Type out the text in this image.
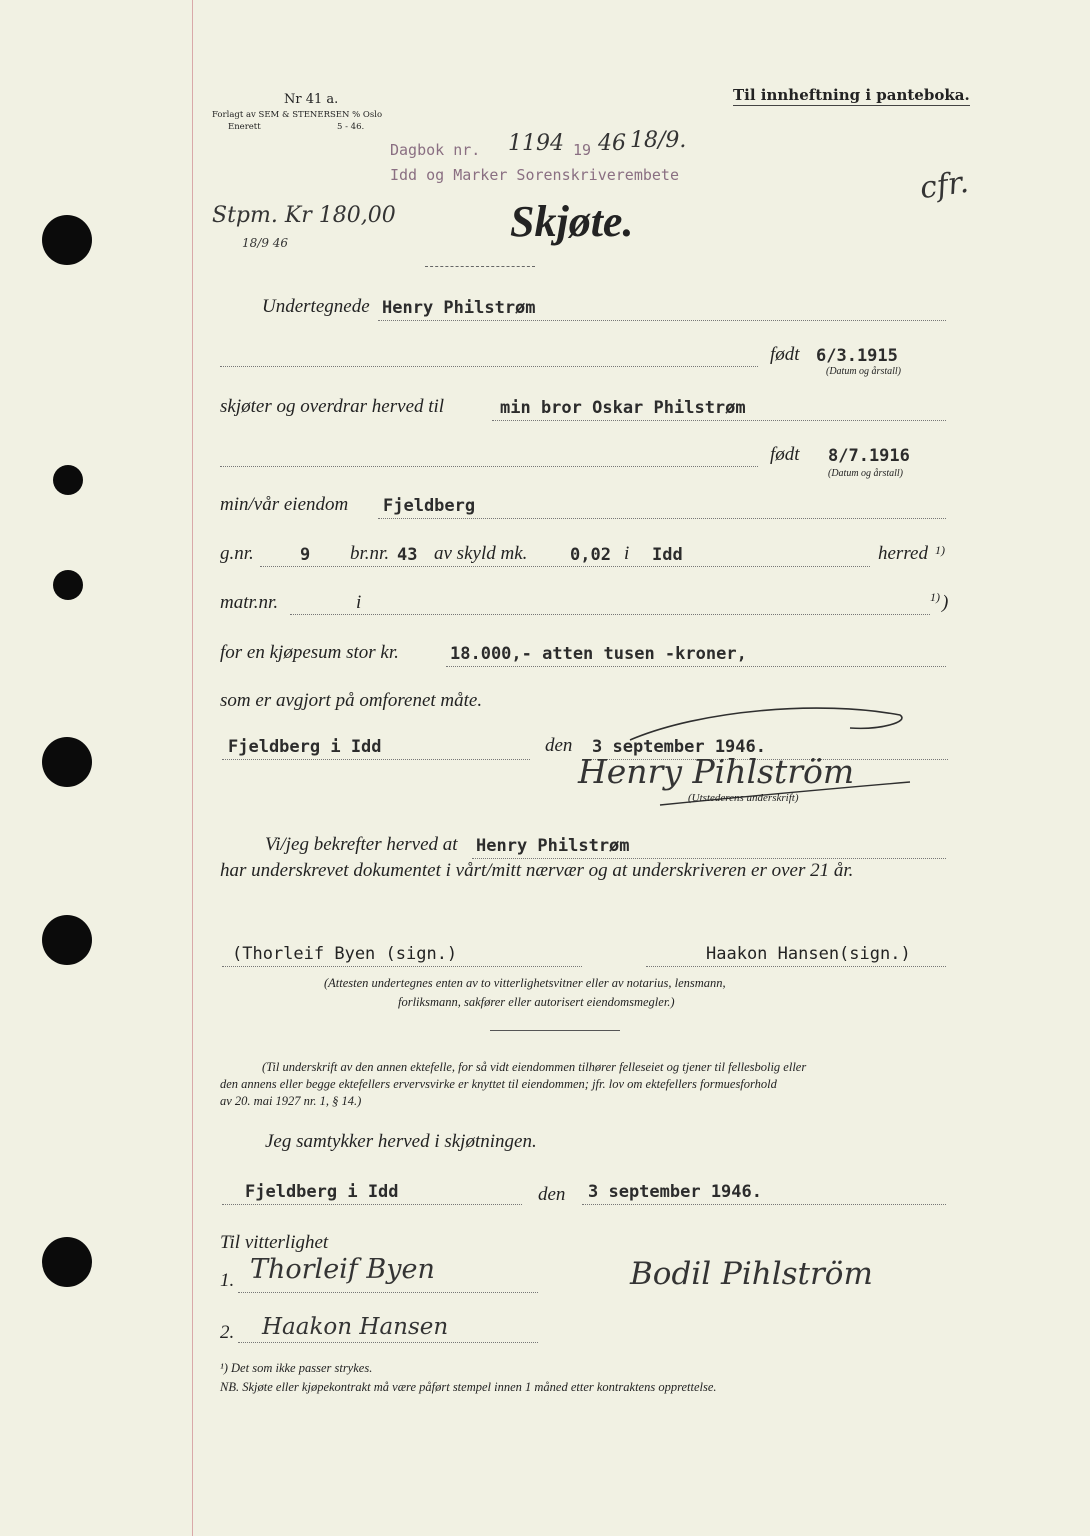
Nr 41 a.
Forlagt av SEM & STENERSEN % Oslo
Enerett	5 - 46.
Til innheftning i panteboka.
Dagbok nr. 1194 19 46 18/9.
Idd og Marker Sorenskriverembete	cfr.
Stpm. Kr 180,00
18/9 46	Skjøte.
Undertegnede Henry Philstrøm
født 6/3.1915
(Datum og årstall)
skjøter og overdrar herved til	min bror Oskar Philstrøm
født 8/7.1916
(Datum og årstall)
min/vår eiendom Fjeldberg
g.nr.	9 br.nr. 43 av skyld mk.	0,02 i Idd	herred 1)
matr.nr.	i	1) )
for en kjøpesum stor kr.	18.000,- atten tusen -kroner,
som er avgjort på omforenet måte.
Fjeldberg i Idd	den 3 september 1946.
Henry Pihlström
(Utstederens underskrift)
Vi/jeg bekrefter herved at Henry Philstrøm
har underskrevet dokumentet i vårt/mitt nærvær og at underskriveren er over 21 år.
(Thorleif Byen (sign.)	Haakon Hansen(sign.)
(Attesten undertegnes enten av to vitterlighetsvitner eller av notarius, lensmann,
forliksmann, sakfører eller autorisert eiendomsmegler.)
(Til underskrift av den annen ektefelle, for så vidt eiendommen tilhører felleseiet og tjener til fellesbolig eller
den annens eller begge ektefellers ervervsvirke er knyttet til eiendommen; jfr. lov om ektefellers formuesforhold
av 20. mai 1927 nr. 1, § 14.)
Jeg samtykker herved i skjøtningen.
Fjeldberg i Idd	den 3 september 1946.
Til vitterlighet
1. Thorleif Byen	Bodil Pihlström
2. Haakon Hansen
¹) Det som ikke passer strykes.
NB. Skjøte eller kjøpekontrakt må være påført stempel innen 1 måned etter kontraktens opprettelse.
